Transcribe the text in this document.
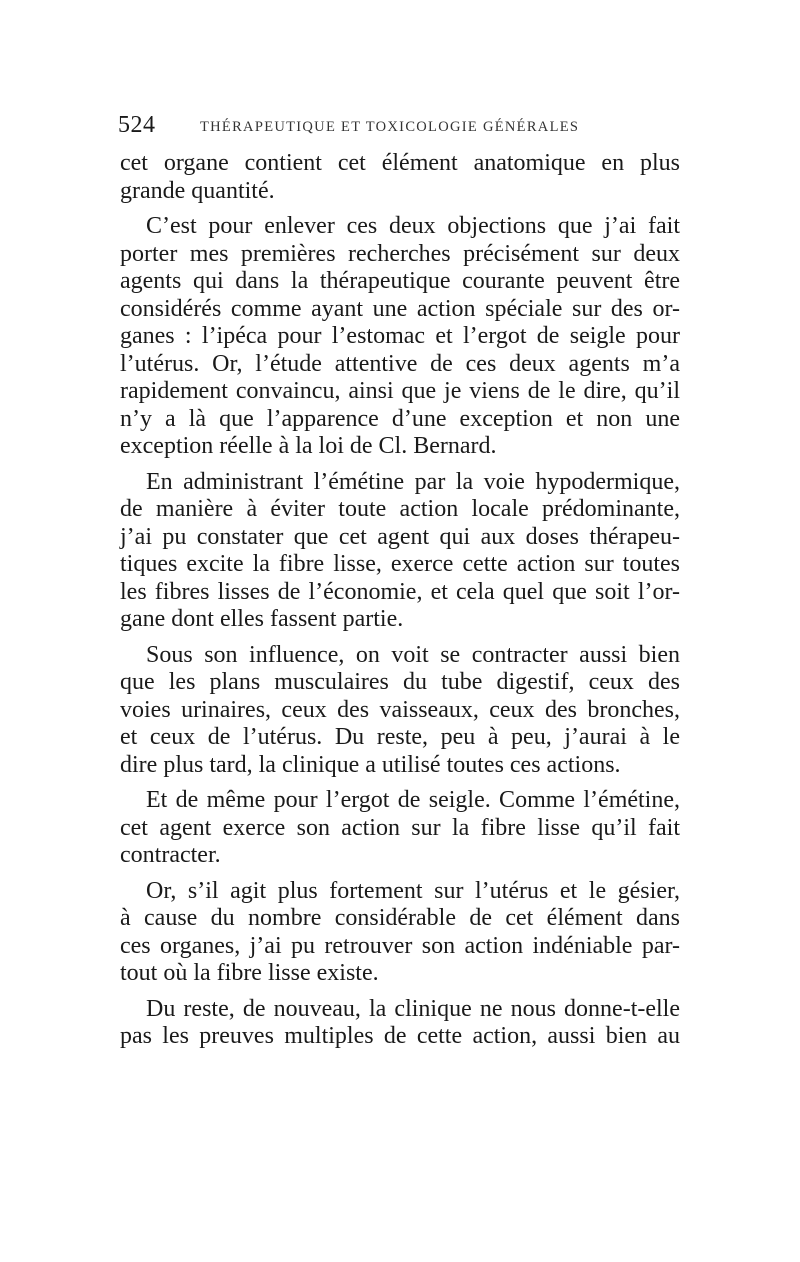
524	THÉRAPEUTIQUE ET TOXICOLOGIE GÉNÉRALES

cet organe contient cet élément anatomique en plus
grande quantité.

C’est pour enlever ces deux objections que j’ai fait
porter mes premières recherches précisément sur deux
agents qui dans la thérapeutique courante peuvent être
considérés comme ayant une action spéciale sur des or-
ganes : l’ipéca pour l’estomac et l’ergot de seigle pour
l’utérus. Or, l’étude attentive de ces deux agents m’a
rapidement convaincu, ainsi que je viens de le dire, qu’il
n’y a là que l’apparence d’une exception et non une
exception réelle à la loi de Cl. Bernard.

En administrant l’émétine par la voie hypodermique,
de manière à éviter toute action locale prédominante,
j’ai pu constater que cet agent qui aux doses thérapeu-
tiques excite la fibre lisse, exerce cette action sur toutes
les fibres lisses de l’économie, et cela quel que soit l’or-
gane dont elles fassent partie.

Sous son influence, on voit se contracter aussi bien
que les plans musculaires du tube digestif, ceux des
voies urinaires, ceux des vaisseaux, ceux des bronches,
et ceux de l’utérus. Du reste, peu à peu, j’aurai à le
dire plus tard, la clinique a utilisé toutes ces actions.

Et de même pour l’ergot de seigle. Comme l’émétine,
cet agent exerce son action sur la fibre lisse qu’il fait
contracter.

Or, s’il agit plus fortement sur l’utérus et le gésier,
à cause du nombre considérable de cet élément dans
ces organes, j’ai pu retrouver son action indéniable par-
tout où la fibre lisse existe.

Du reste, de nouveau, la clinique ne nous donne-t-elle
pas les preuves multiples de cette action, aussi bien au
